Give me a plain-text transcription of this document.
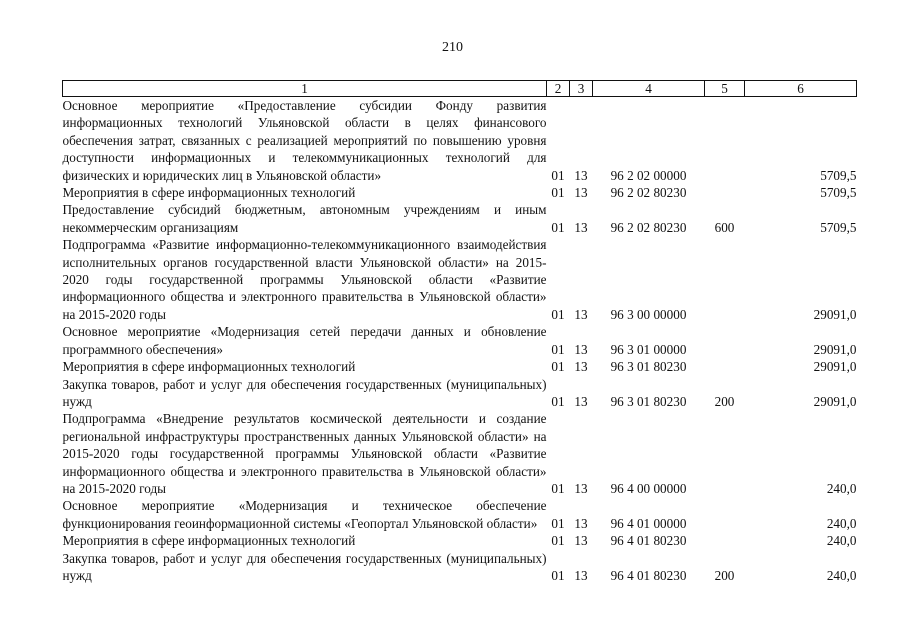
210
1	2	3	4	5	6
Основное мероприятие «Предоставление субсидии Фонду развития информационных технологий Ульяновской области в целях финансового обеспечения затрат, связанных с реализацией мероприятий по повышению уровня доступности информационных и телекоммуникационных технологий для физических и юридических лиц в Ульяновской области»	01	13	96 2 02 00000		5709,5
Мероприятия в сфере информационных технологий	01	13	96 2 02 80230		5709,5
Предоставление субсидий бюджетным, автономным учреждениям и иным некоммерческим организациям	01	13	96 2 02 80230	600	5709,5
Подпрограмма «Развитие информационно-телекоммуникационного взаимодействия исполнительных органов государственной власти Ульяновской области» на 2015-2020 годы государственной программы Ульяновской области «Развитие информационного общества и электронного правительства в Ульяновской области» на 2015-2020 годы	01	13	96 3 00 00000		29091,0
Основное мероприятие «Модернизация сетей передачи данных и обновление программного обеспечения»	01	13	96 3 01 00000		29091,0
Мероприятия в сфере информационных технологий	01	13	96 3 01 80230		29091,0
Закупка товаров, работ и услуг для обеспечения государственных (муниципальных) нужд	01	13	96 3 01 80230	200	29091,0
Подпрограмма «Внедрение результатов космической деятельности и создание региональной инфраструктуры пространственных данных Ульяновской области» на 2015-2020 годы государственной программы Ульяновской области «Развитие информационного общества и электронного правительства в Ульяновской области» на 2015-2020 годы	01	13	96 4 00 00000		240,0
Основное мероприятие «Модернизация и техническое обеспечение функционирования геоинформационной системы «Геопортал Ульяновской области»	01	13	96 4 01 00000		240,0
Мероприятия в сфере информационных технологий	01	13	96 4 01 80230		240,0
Закупка товаров, работ и услуг для обеспечения государственных (муниципальных) нужд	01	13	96 4 01 80230	200	240,0
